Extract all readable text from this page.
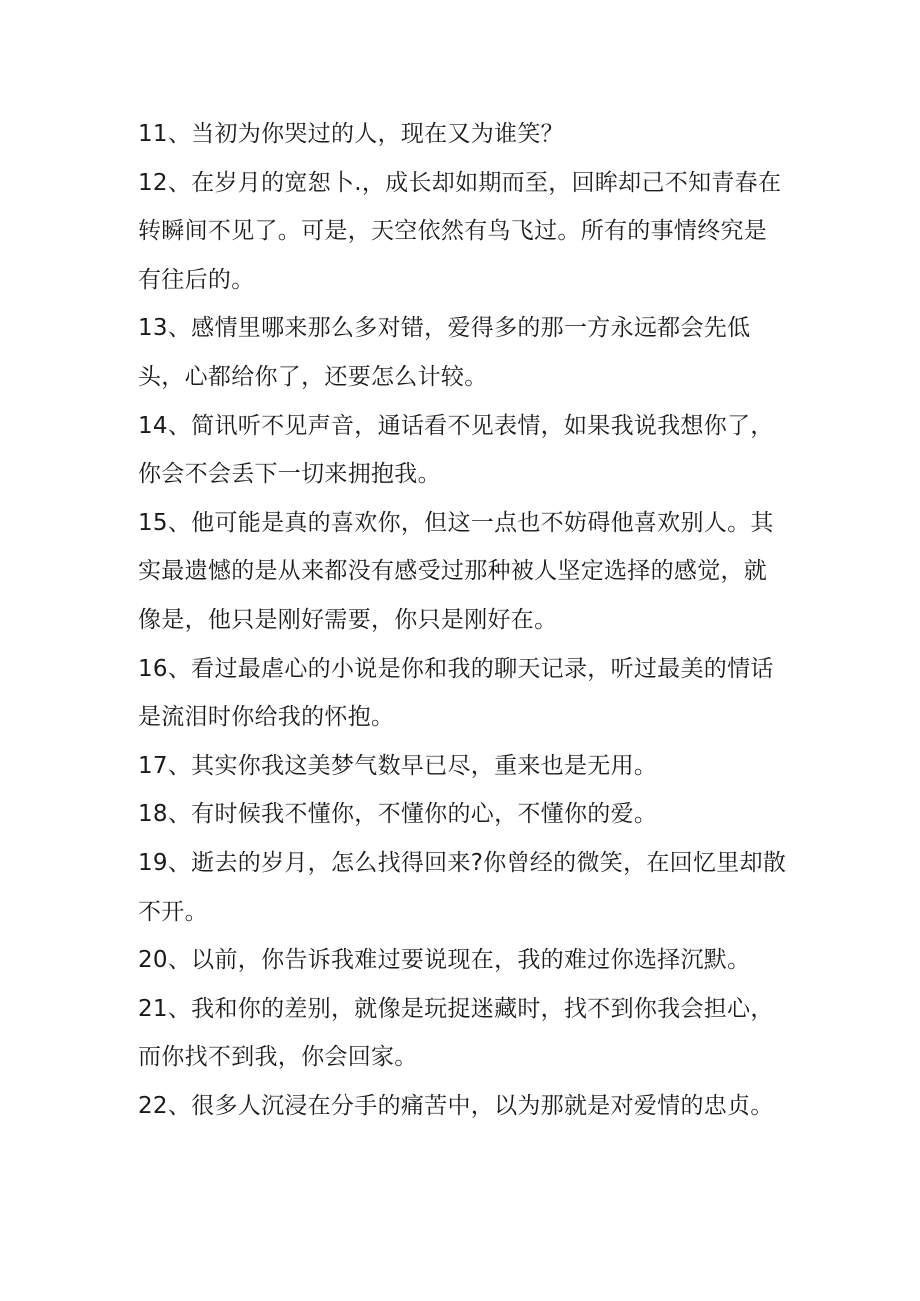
11、当初为你哭过的人，现在又为谁笑？
12、在岁月的宽恕卜.，成长却如期而至，回眸却己不知青春在
转瞬间不见了。可是，天空依然有鸟飞过。所有的事情终究是
有往后的。
13、感情里哪来那么多对错，爱得多的那一方永远都会先低
头，心都给你了，还要怎么计较。
14、简讯听不见声音，通话看不见表情，如果我说我想你了，
你会不会丢下一切来拥抱我。
15、他可能是真的喜欢你，但这一点也不妨碍他喜欢别人。其
实最遗憾的是从来都没有感受过那种被人坚定选择的感觉，就
像是，他只是刚好需要，你只是刚好在。
16、看过最虐心的小说是你和我的聊天记录，听过最美的情话
是流泪时你给我的怀抱。
17、其实你我这美梦气数早已尽，重来也是无用。
18、有时候我不懂你，不懂你的心，不懂你的爱。
19、逝去的岁月，怎么找得回来?你曾经的微笑，在回忆里却散
不开。
20、以前，你告诉我难过要说现在，我的难过你选择沉默。
21、我和你的差别，就像是玩捉迷藏时，找不到你我会担心，
而你找不到我，你会回家。
22、很多人沉浸在分手的痛苦中，以为那就是对爱情的忠贞。
